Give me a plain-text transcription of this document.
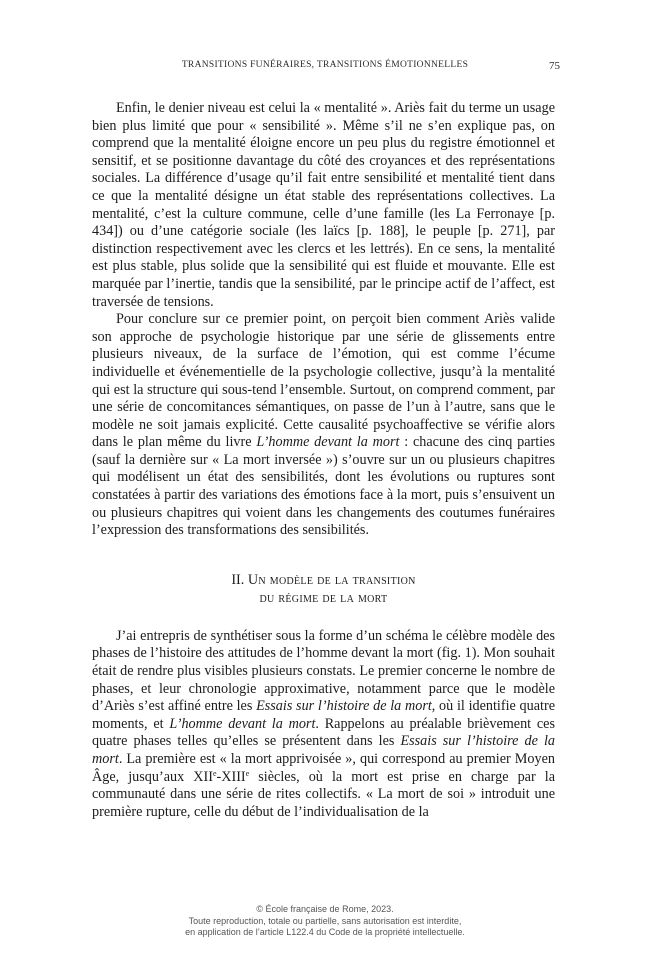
TRANSITIONS FUNÉRAIRES, TRANSITIONS ÉMOTIONNELLES	75

Enfin, le denier niveau est celui la « mentalité ». Ariès fait du terme un usage bien plus limité que pour « sensibilité ». Même s’il ne s’en explique pas, on comprend que la mentalité éloigne encore un peu plus du registre émotionnel et sensitif, et se positionne davantage du côté des croyances et des représentations sociales. La différence d’usage qu’il fait entre sensibilité et mentalité tient dans ce que la mentalité désigne un état stable des représentations collectives. La mentalité, c’est la culture commune, celle d’une famille (les La Ferronaye [p. 434]) ou d’une catégorie sociale (les laïcs [p. 188], le peuple [p. 271], par distinction respectivement avec les clercs et les lettrés). En ce sens, la mentalité est plus stable, plus solide que la sensibilité qui est fluide et mouvante. Elle est marquée par l’inertie, tandis que la sensibilité, par le principe actif de l’affect, est traversée de tensions.

Pour conclure sur ce premier point, on perçoit bien comment Ariès valide son approche de psychologie historique par une série de glissements entre plusieurs niveaux, de la surface de l’émotion, qui est comme l’écume individuelle et événementielle de la psychologie collective, jusqu’à la mentalité qui est la structure qui sous-tend l’ensemble. Surtout, on comprend comment, par une série de concomitances sémantiques, on passe de l’un à l’autre, sans que le modèle ne soit jamais explicité. Cette causalité psychoaffective se vérifie alors dans le plan même du livre L’homme devant la mort : chacune des cinq parties (sauf la dernière sur « La mort inversée ») s’ouvre sur un ou plusieurs chapitres qui modélisent un état des sensibilités, dont les évolutions ou ruptures sont constatées à partir des variations des émotions face à la mort, puis s’ensuivent un ou plusieurs chapitres qui voient dans les changements des coutumes funéraires l’expression des transformations des sensibilités.

II. Un modèle de la transition
du régime de la mort

J’ai entrepris de synthétiser sous la forme d’un schéma le célèbre modèle des phases de l’histoire des attitudes de l’homme devant la mort (fig. 1). Mon souhait était de rendre plus visibles plusieurs constats. Le premier concerne le nombre de phases, et leur chronologie approximative, notamment parce que le modèle d’Ariès s’est affiné entre les Essais sur l’histoire de la mort, où il identifie quatre moments, et L’homme devant la mort. Rappelons au préalable brièvement ces quatre phases telles qu’elles se présentent dans les Essais sur l’histoire de la mort. La première est « la mort apprivoisée », qui correspond au premier Moyen Âge, jusqu’aux XIIe-XIIIe siècles, où la mort est prise en charge par la communauté dans une série de rites collectifs. « La mort de soi » introduit une première rupture, celle du début de l’individualisation de la

© École française de Rome, 2023.
Toute reproduction, totale ou partielle, sans autorisation est interdite,
en application de l’article L122.4 du Code de la propriété intellectuelle.
